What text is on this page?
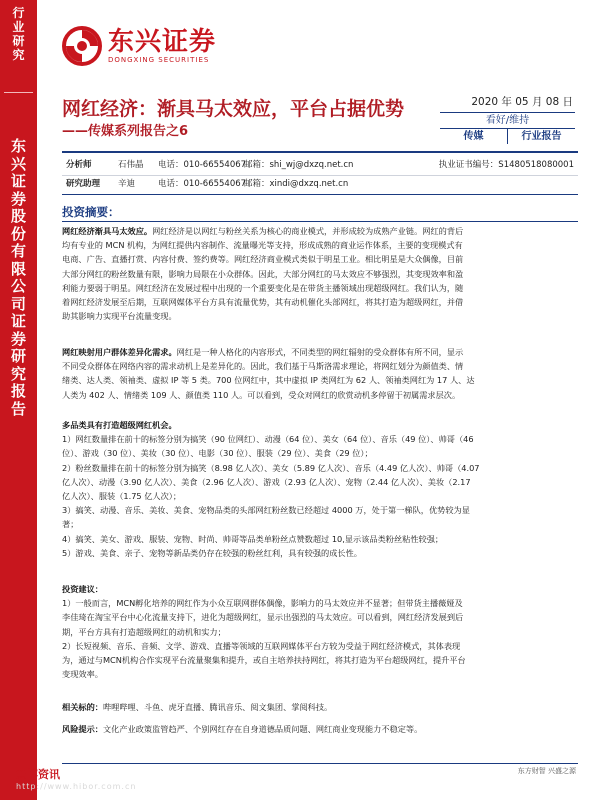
行业研究
东兴证券股份有限公司证券研究报告
东兴证券
DONGXING SECURITIES
网红经济：渐具马太效应，平台占据优势
——传媒系列报告之6
2020 年 05 月 08 日
看好/维持
传媒	行业报告
分析师	石伟晶 电话：010-66554067
邮箱：shi_wj@dxzq.net.cn	执业证书编号：S1480518080001
研究助理 辛迪	电话：010-66554067
邮箱：xindi@dxzq.net.cn
投资摘要：
网红经济渐具马太效应。网红经济是以网红与粉丝关系为核心的商业模式，并形成较为成熟产业链。网红的背后
均有专业的 MCN 机构，为网红提供内容制作、流量曝光等支持，形成成熟的商业运作体系，主要的变现模式有
电商、广告、直播打赏、内容付费、签约费等。网红经济商业模式类似于明星工业。相比明星是大众偶像，目前
大部分网红的粉丝数量有限，影响力局限在小众群体。因此，大部分网红的马太效应不够强烈，其变现效率和盈
利能力要弱于明星。网红经济在发展过程中出现的一个重要变化是在带货主播领域出现超级网红。我们认为，随
着网红经济发展至后期，互联网媒体平台方具有流量优势，其有动机催化头部网红，将其打造为超级网红，并借
助其影响力实现平台流量变现。
网红映射用户群体差异化需求。网红是一种人格化的内容形式，不同类型的网红辐射的受众群体有所不同，显示
不同受众群体在网络内容的需求动机上是差异化的。因此，我们基于马斯洛需求理论，将网红划分为颜值类、情
绪类、达人类、领袖类、虚拟 IP 等 5 类。700 位网红中，其中虚拟 IP 类网红为 62 人、领袖类网红为 17 人、达
人类为 402 人、情绪类 109 人、颜值类 110 人。可以看到，受众对网红的欣赏动机多停留于初属需求层次。
多品类具有打造超级网红机会。
1）网红数量排在前十的标签分别为搞笑（90 位网红）、动漫（64 位）、美女（64 位）、音乐（49 位）、帅哥（46
位）、游戏（30 位）、美妆（30 位）、电影（30 位）、服装（29 位）、美食（29 位）；
2）粉丝数量排在前十的标签分别为搞笑（8.98 亿人次）、美女（5.89 亿人次）、音乐（4.49 亿人次）、帅哥（4.07
亿人次）、动漫（3.90 亿人次）、美食（2.96 亿人次）、游戏（2.93 亿人次）、宠物（2.44 亿人次）、美妆（2.17
亿人次）、服装（1.75 亿人次）；
3）搞笑、动漫、音乐、美妆、美食、宠物品类的头部网红粉丝数已经超过 4000 万，处于第一梯队，优势较为显
著；
4）搞笑、美女、游戏、服装、宠物、时尚、帅哥等品类单粉丝点赞数超过 10,显示该品类粉丝粘性较强；
5）游戏、美食、亲子、宠物等新品类仍存在较强的粉丝红利，具有较强的成长性。
投资建议：
1）一般而言，MCN孵化培养的网红作为小众互联网群体偶像，影响力的马太效应并不显著；但带货主播薇娅及
李佳琦在淘宝平台中心化流量支持下，进化为超级网红，显示出强烈的马太效应。可以看到，网红经济发展到后
期，平台方具有打造超级网红的动机和实力；
2）长短视频、音乐、音频、文学、游戏、直播等领域的互联网媒体平台方较为受益于网红经济模式，其体表现
为，通过与MCN机构合作实现平台流量聚集和提升，或自主培养扶持网红，将其打造为平台超级网红，提升平台
变现效率。
相关标的：哔哩哔哩、斗鱼、虎牙直播、腾讯音乐、阅文集团、掌阅科技。
风险提示：文化产业政策监管趋严、个别网红存在自身道德品质问题、网红商业变现能力不稳定等。
慧博资讯	东方财智 兴盛之源
http://www.hibor.com.cn
